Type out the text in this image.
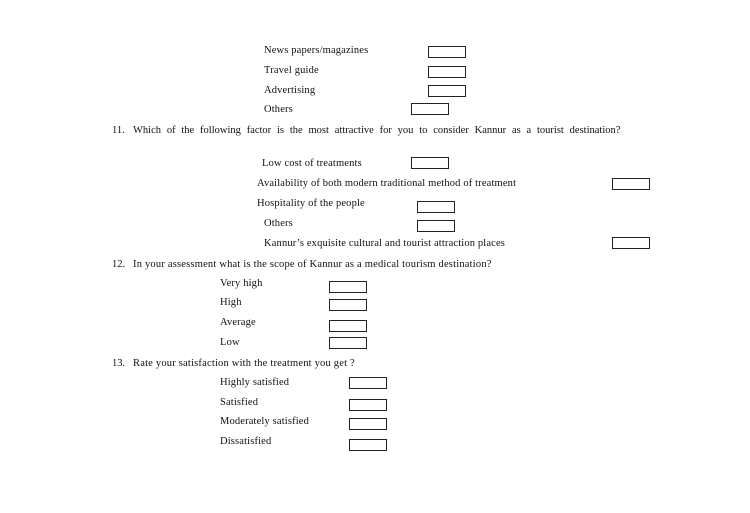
News papers/magazines
Travel guide
Advertising
Others
11. Which of the following factor is the most attractive for you to consider Kannur as a tourist destination?
Low cost of treatments
Availability of both modern traditional method of treatment
Hospitality of the people
Others
Kannur’s exquisite cultural and tourist attraction places
12. In your assessment what is the scope of Kannur as a medical tourism destination?
Very high
High
Average
Low
13. Rate your satisfaction with the treatment you get ?
Highly satisfied
Satisfied
Moderately satisfied
Dissatisfied
